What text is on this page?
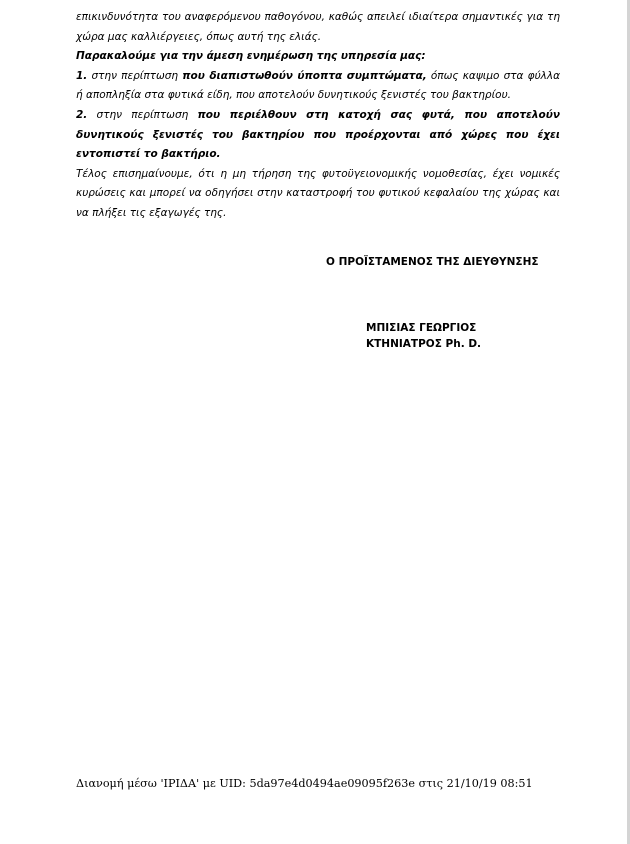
επικινδυνότητα του αναφερόμενου παθογόνου, καθώς απειλεί ιδιαίτερα σημαντικές για τη χώρα μας καλλιέργειες, όπως αυτή της ελιάς.

Παρακαλούμε για την άμεση ενημέρωση της υπηρεσία μας:

1. στην περίπτωση που διαπιστωθούν ύποπτα συμπτώματα, όπως καψιμο στα φύλλα ή αποπληξία στα φυτικά είδη, που αποτελούν δυνητικούς ξενιστές του βακτηρίου.

2. στην περίπτωση που περιέλθουν στη κατοχή σας φυτά, που αποτελούν δυνητικούς ξενιστές του βακτηρίου που προέρχονται από χώρες που έχει εντοπιστεί το βακτήριο.

Τέλος επισημαίνουμε, ότι η μη τήρηση της φυτοϋγειονομικής νομοθεσίας, έχει νομικές κυρώσεις και μπορεί να οδηγήσει στην καταστροφή του φυτικού κεφαλαίου της χώρας και να πλήξει τις εξαγωγές της.

Ο ΠΡΟΪΣΤΑΜΕΝΟΣ ΤΗΣ ΔΙΕΥΘΥΝΣΗΣ
ΜΠΙΣΙΑΣ ΓΕΩΡΓΙΟΣ
ΚΤΗΝΙΑΤΡΟΣ Ph. D.
Διανομή μέσω 'ΙΡΙΔΑ' με UID: 5da97e4d0494ae09095f263e στις 21/10/19 08:51
